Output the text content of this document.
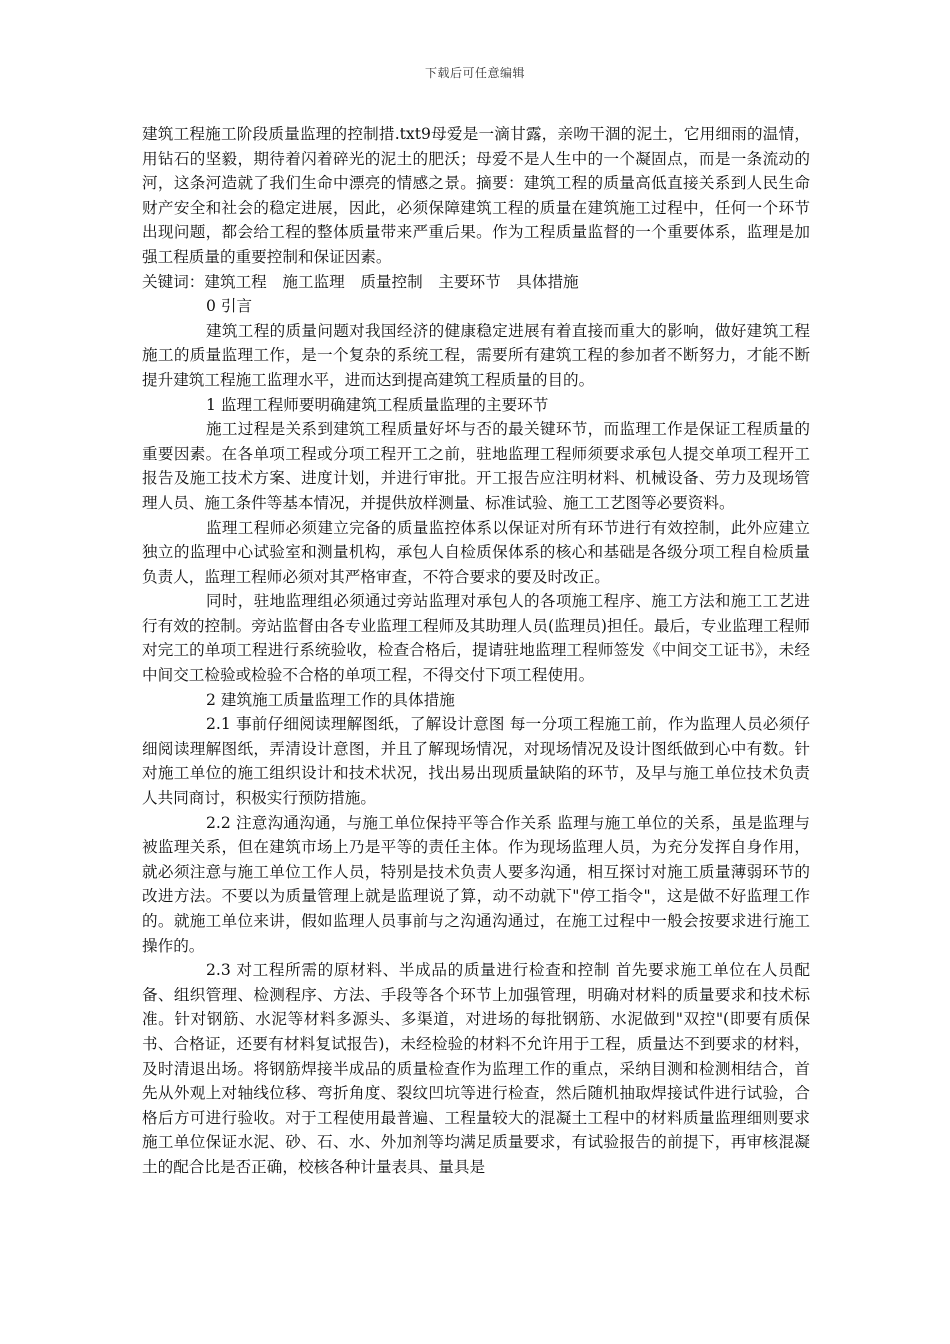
下载后可任意编辑

建筑工程施工阶段质量监理的控制措.txt9母爱是一滴甘露，亲吻干涸的泥土，它用细雨的温情，用钻石的坚毅，期待着闪着碎光的泥土的肥沃；母爱不是人生中的一个凝固点，而是一条流动的河，这条河造就了我们生命中漂亮的情感之景。摘要：建筑工程的质量高低直接关系到人民生命财产安全和社会的稳定进展，因此，必须保障建筑工程的质量在建筑施工过程中，任何一个环节出现问题，都会给工程的整体质量带来严重后果。作为工程质量监督的一个重要体系，监理是加强工程质量的重要控制和保证因素。

关键词：建筑工程　施工监理　质量控制　主要环节　具体措施

0 引言

建筑工程的质量问题对我国经济的健康稳定进展有着直接而重大的影响，做好建筑工程施工的质量监理工作，是一个复杂的系统工程，需要所有建筑工程的参加者不断努力，才能不断提升建筑工程施工监理水平，进而达到提高建筑工程质量的目的。

1 监理工程师要明确建筑工程质量监理的主要环节

施工过程是关系到建筑工程质量好坏与否的最关键环节，而监理工作是保证工程质量的重要因素。在各单项工程或分项工程开工之前，驻地监理工程师须要求承包人提交单项工程开工报告及施工技术方案、进度计划，并进行审批。开工报告应注明材料、机械设备、劳力及现场管理人员、施工条件等基本情况，并提供放样测量、标准试验、施工工艺图等必要资料。

监理工程师必须建立完备的质量监控体系以保证对所有环节进行有效控制，此外应建立独立的监理中心试验室和测量机构，承包人自检质保体系的核心和基础是各级分项工程自检质量负责人，监理工程师必须对其严格审查，不符合要求的要及时改正。

同时，驻地监理组必须通过旁站监理对承包人的各项施工程序、施工方法和施工工艺进行有效的控制。旁站监督由各专业监理工程师及其助理人员(监理员)担任。最后，专业监理工程师对完工的单项工程进行系统验收，检查合格后，提请驻地监理工程师签发《中间交工证书》，未经中间交工检验或检验不合格的单项工程，不得交付下项工程使用。

2 建筑施工质量监理工作的具体措施

2.1 事前仔细阅读理解图纸，了解设计意图 每一分项工程施工前，作为监理人员必须仔细阅读理解图纸，弄清设计意图，并且了解现场情况，对现场情况及设计图纸做到心中有数。针对施工单位的施工组织设计和技术状况，找出易出现质量缺陷的环节，及早与施工单位技术负责人共同商讨，积极实行预防措施。

2.2 注意沟通沟通，与施工单位保持平等合作关系 监理与施工单位的关系，虽是监理与被监理关系，但在建筑市场上乃是平等的责任主体。作为现场监理人员，为充分发挥自身作用，就必须注意与施工单位工作人员，特别是技术负责人要多沟通，相互探讨对施工质量薄弱环节的改进方法。不要以为质量管理上就是监理说了算，动不动就下"停工指令"，这是做不好监理工作的。就施工单位来讲，假如监理人员事前与之沟通沟通过，在施工过程中一般会按要求进行施工操作的。

2.3 对工程所需的原材料、半成品的质量进行检查和控制 首先要求施工单位在人员配备、组织管理、检测程序、方法、手段等各个环节上加强管理，明确对材料的质量要求和技术标准。针对钢筋、水泥等材料多源头、多渠道，对进场的每批钢筋、水泥做到"双控"(即要有质保书、合格证，还要有材料复试报告)，未经检验的材料不允许用于工程，质量达不到要求的材料，及时清退出场。将钢筋焊接半成品的质量检查作为监理工作的重点，采纳目测和检测相结合，首先从外观上对轴线位移、弯折角度、裂纹凹坑等进行检查，然后随机抽取焊接试件进行试验，合格后方可进行验收。对于工程使用最普遍、工程量较大的混凝土工程中的材料质量监理细则要求施工单位保证水泥、砂、石、水、外加剂等均满足质量要求，有试验报告的前提下，再审核混凝土的配合比是否正确，校核各种计量表具、量具是
